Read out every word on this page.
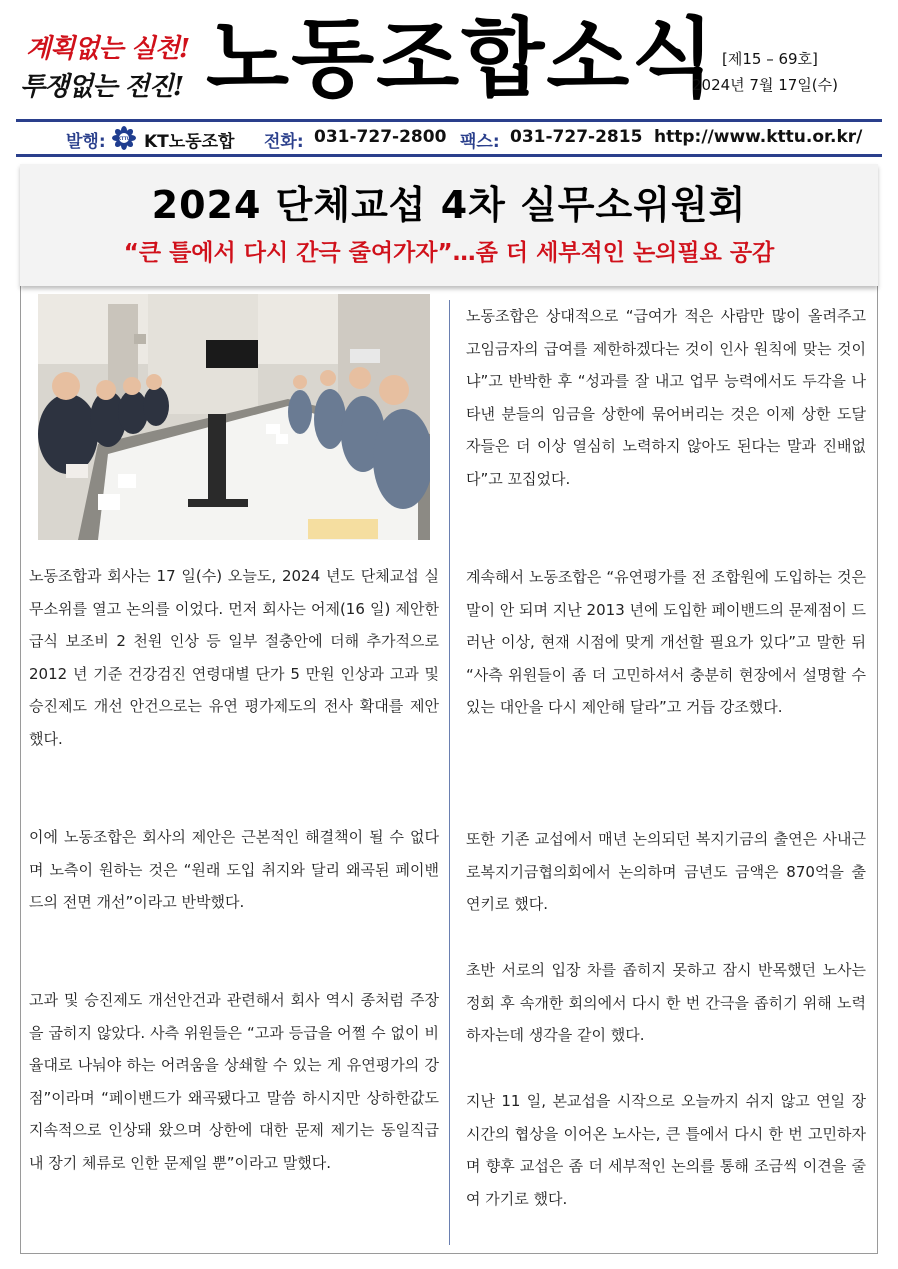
계획없는 실천!
투쟁없는 전진! 노동조합소식 [제15 – 69호]
2024년 7월 17일(수)
발행:	KTTU KT노동조합 전화: 031-727-2800 팩스: 031-727-2815 http://www.kttu.or.kr/
2024 단체교섭 4차 실무소위원회
“큰 틀에서 다시 간극 줄여가자”…좀 더 세부적인 논의필요 공감

노동조합과 회사는 17 일(수) 오늘도, 2024 년도 단체교섭 실무소위를 열고 논의를 이었다. 먼저 회사는 어제(16 일) 제안한 급식 보조비 2 천원 인상 등 일부 절충안에 더해 추가적으로 2012 년 기준 건강검진 연령대별 단가 5 만원 인상과 고과 및 승진제도 개선 안건으로는 유연 평가제도의 전사 확대를 제안했다.

이에 노동조합은 회사의 제안은 근본적인 해결책이 될 수 없다며 노측이 원하는 것은 “원래 도입 취지와 달리 왜곡된 페이밴드의 전면 개선”이라고 반박했다.

고과 및 승진제도 개선안건과 관련해서 회사 역시 종처럼 주장을 굽히지 않았다. 사측 위원들은 “고과 등급을 어쩔 수 없이 비율대로 나눠야 하는 어려움을 상쇄할 수 있는 게 유연평가의 강점”이라며 “페이밴드가 왜곡됐다고 말씀 하시지만 상하한값도 지속적으로 인상돼 왔으며 상한에 대한 문제 제기는 동일직급 내 장기 체류로 인한 문제일 뿐”이라고 말했다.

노동조합은 상대적으로 “급여가 적은 사람만 많이 올려주고 고임금자의 급여를 제한하겠다는 것이 인사 원칙에 맞는 것이냐”고 반박한 후 “성과를 잘 내고 업무 능력에서도 두각을 나타낸 분들의 임금을 상한에 묶어버리는 것은 이제 상한 도달자들은 더 이상 열심히 노력하지 않아도 된다는 말과 진배없다”고 꼬집었다.

계속해서 노동조합은 “유연평가를 전 조합원에 도입하는 것은 말이 안 되며 지난 2013 년에 도입한 페이밴드의 문제점이 드러난 이상, 현재 시점에 맞게 개선할 필요가 있다”고 말한 뒤 “사측 위원들이 좀 더 고민하셔서 충분히 현장에서 설명할 수 있는 대안을 다시 제안해 달라”고 거듭 강조했다.

또한 기존 교섭에서 매년 논의되던 복지기금의 출연은 사내근로복지기금협의회에서 논의하며 금년도 금액은 870억을 출연키로 했다.

초반 서로의 입장 차를 좁히지 못하고 잠시 반목했던 노사는 정회 후 속개한 회의에서 다시 한 번 간극을 좁히기 위해 노력하자는데 생각을 같이 했다.

지난 11 일, 본교섭을 시작으로 오늘까지 쉬지 않고 연일 장시간의 협상을 이어온 노사는, 큰 틀에서 다시 한 번 고민하자며 향후 교섭은 좀 더 세부적인 논의를 통해 조금씩 이견을 줄여 가기로 했다.
